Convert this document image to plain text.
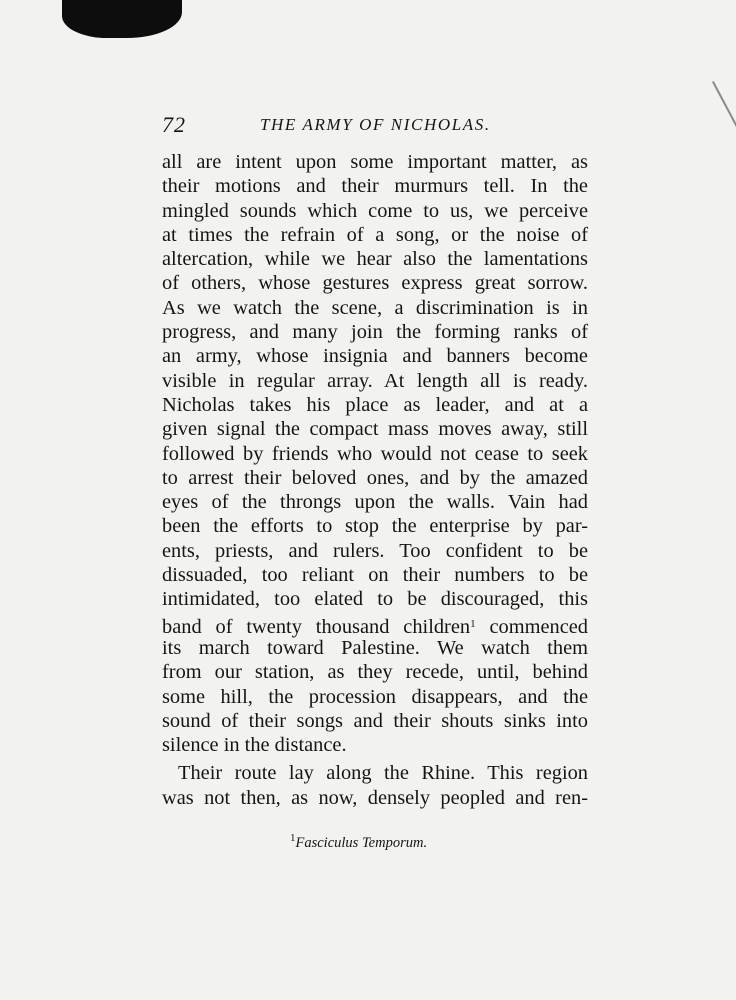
72	THE ARMY OF NICHOLAS.
all are intent upon some important matter, as
their motions and their murmurs tell. In the
mingled sounds which come to us, we perceive
at times the refrain of a song, or the noise of
altercation, while we hear also the lamentations
of others, whose gestures express great sorrow.
As we watch the scene, a discrimination is in
progress, and many join the forming ranks of
an army, whose insignia and banners become
visible in regular array. At length all is ready.
Nicholas takes his place as leader, and at a
given signal the compact mass moves away, still
followed by friends who would not cease to seek
to arrest their beloved ones, and by the amazed
eyes of the throngs upon the walls. Vain had
been the efforts to stop the enterprise by par-
ents, priests, and rulers. Too confident to be
dissuaded, too reliant on their numbers to be
intimidated, too elated to be discouraged, this
band of twenty thousand children$^1$ commenced
its march toward Palestine. We watch them
from our station, as they recede, until, behind
some hill, the procession disappears, and the
sound of their songs and their shouts sinks into
silence in the distance.
Their route lay along the Rhine. This region
was not then, as now, densely peopled and ren-
$^1$Fasciculus Temporum.
